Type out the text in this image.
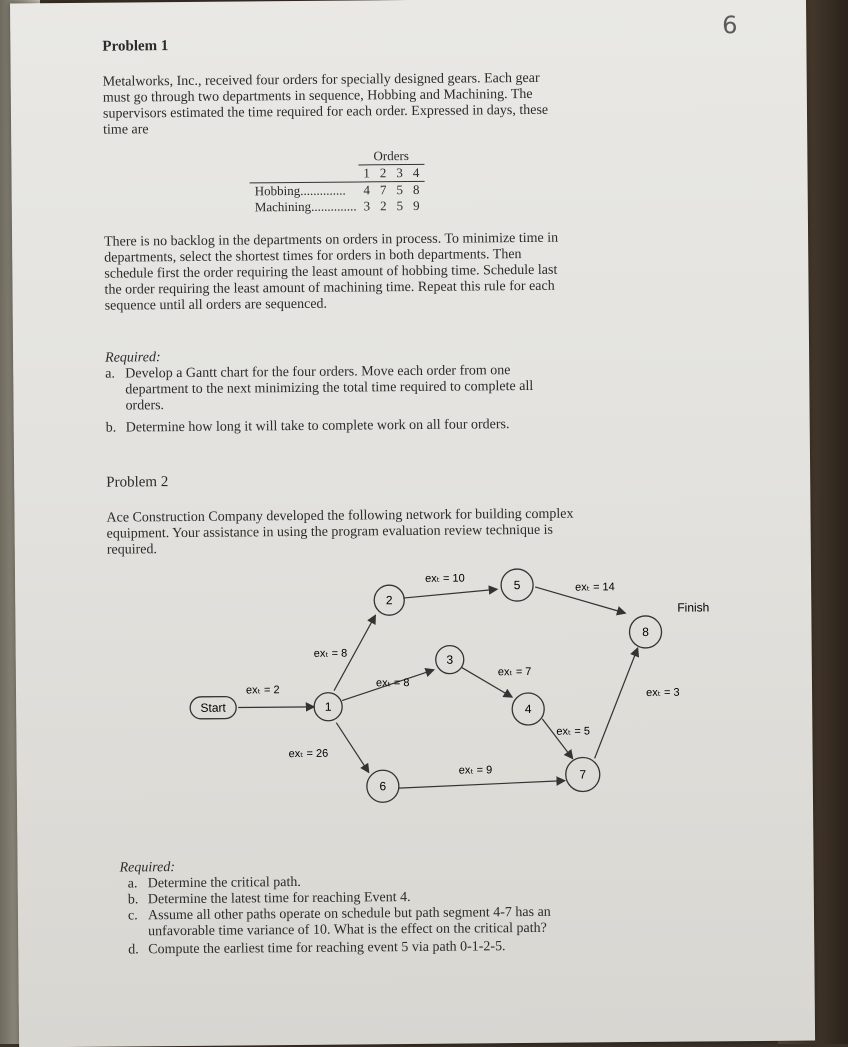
6
Problem 1

Metalworks, Inc., received four orders for specially designed gears. Each gear

must go through two departments in sequence, Hobbing and Machining. The

supervisors estimated the time required for each order. Expressed in days, these

time are

	Orders			
	1	2	3	4
Hobbing..............	4	7	5	8
Machining..............	3	2	5	9

There is no backlog in the departments on orders in process. To minimize time in

departments, select the shortest times for orders in both departments. Then

schedule first the order requiring the least amount of hobbing time. Schedule last

the order requiring the least amount of machining time. Repeat this rule for each

sequence until all orders are sequenced.

Required:
a. Develop a Gantt chart for the four orders. Move each order from one
department to the next minimizing the total time required to complete all
orders.
b. Determine how long it will take to complete work on all four orders.
Problem 2

Ace Construction Company developed the following network for building complex

equipment. Your assistance in using the program evaluation review technique is

required.

Start	1
2
3
4
5
6
7
8
Finish
exₜ = 2
exₜ = 8
exₜ = 8
exₜ = 26
exₜ = 10
exₜ = 7
exₜ = 14
exₜ = 5
exₜ = 9
exₜ = 3
Required:
a. Determine the critical path.
b. Determine the latest time for reaching Event 4.
c. Assume all other paths operate on schedule but path segment 4-7 has an
unfavorable time variance of 10. What is the effect on the critical path?
d. Compute the earliest time for reaching event 5 via path 0-1-2-5.
